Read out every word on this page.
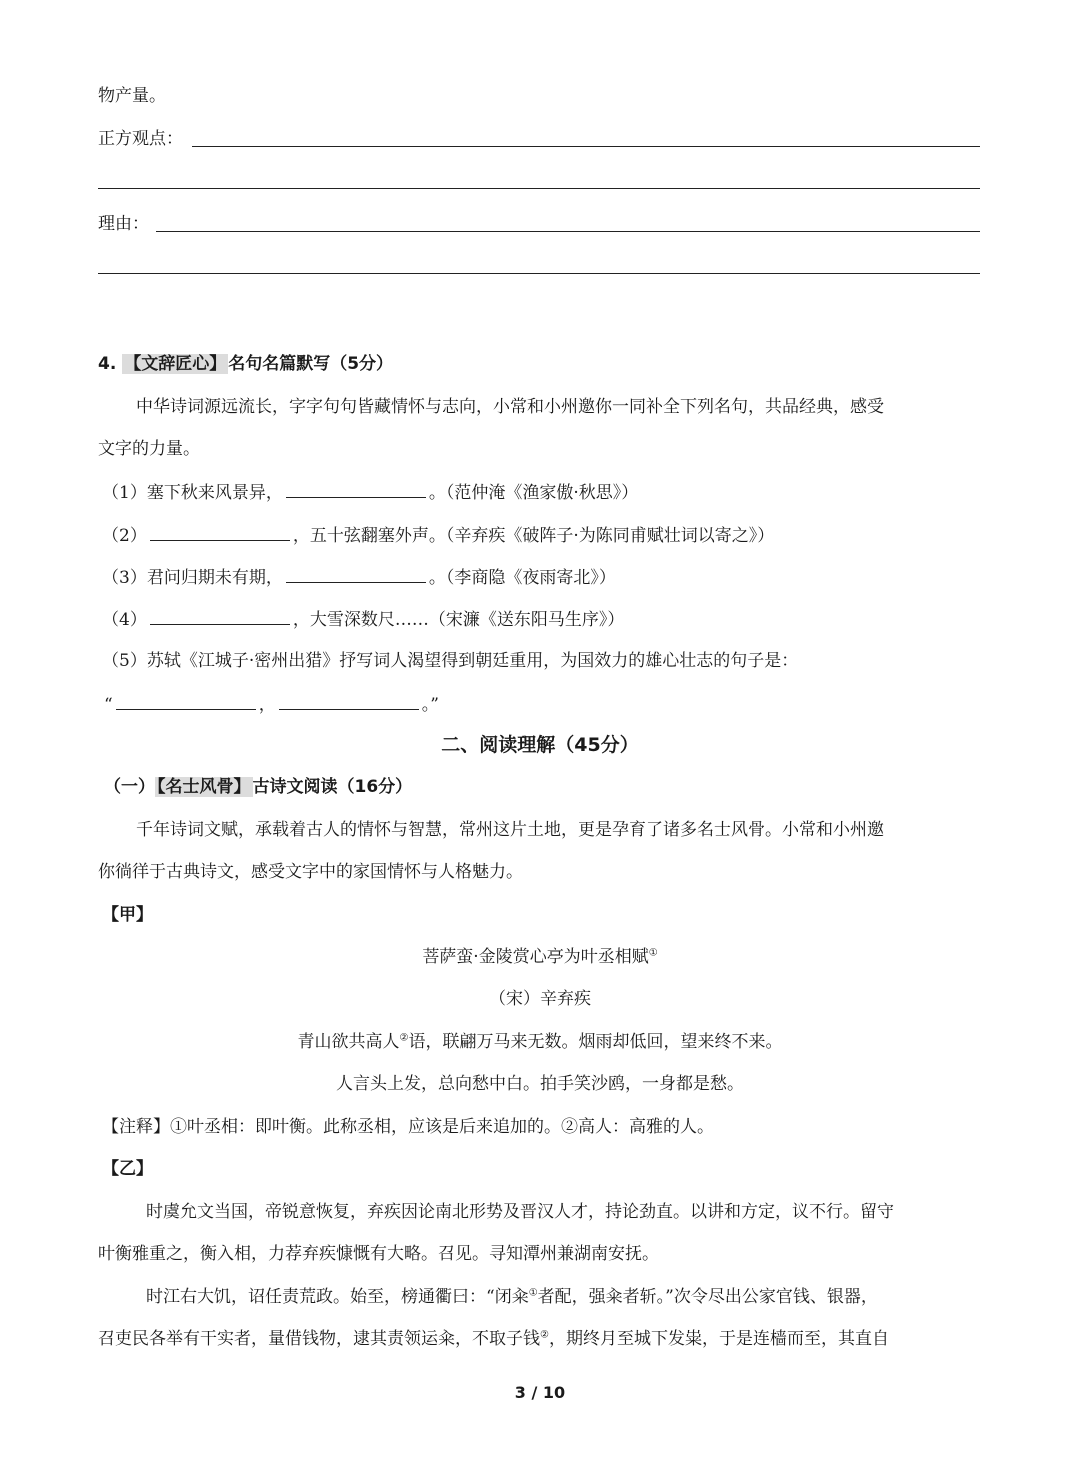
物产量。
正方观点：
理由：
4. 【文辞匠心】 名句名篇默写（5分）
中华诗词源远流长，字字句句皆藏情怀与志向，小常和小州邀你一同补全下列名句，共品经典，感受
文字的力量。
（1）塞下秋来风景异，	。（范仲淹《渔家傲·秋思》）
（2）	，五十弦翻塞外声。（辛弃疾《破阵子·为陈同甫赋壮词以寄之》）
（3）君问归期未有期，	。（李商隐《夜雨寄北》）
（4）	，大雪深数尺……（宋濂《送东阳马生序》）
（5）苏轼《江城子·密州出猎》抒写词人渴望得到朝廷重用，为国效力的雄心壮志的句子是：
“	，	。”
二、阅读理解（45分）
（一） 【名士风骨】 古诗文阅读（16分）
千年诗词文赋，承载着古人的情怀与智慧，常州这片土地，更是孕育了诸多名士风骨。小常和小州邀
你徜徉于古典诗文，感受文字中的家国情怀与人格魅力。
【甲】
菩萨蛮·金陵赏心亭为叶丞相赋①
（宋）辛弃疾
青山欲共高人②语，联翩万马来无数。烟雨却低回，望来终不来。
人言头上发，总向愁中白。拍手笑沙鸥，一身都是愁。
【注释】①叶丞相：即叶衡。此称丞相，应该是后来追加的。②高人：高雅的人。
【乙】
时虞允文当国，帝锐意恢复，弃疾因论南北形势及晋汉人才，持论劲直。以讲和方定，议不行。留守
叶衡雅重之，衡入相，力荐弃疾慷慨有大略。召见。寻知潭州兼湖南安抚。
时江右大饥，诏任责荒政。始至，榜通衢曰：“闭籴①者配，强籴者斩。”次令尽出公家官钱、银器，
召吏民各举有干实者，量借钱物，逮其责领运籴，不取子钱②，期终月至城下发粜，于是连樯而至，其直自
3 / 10
